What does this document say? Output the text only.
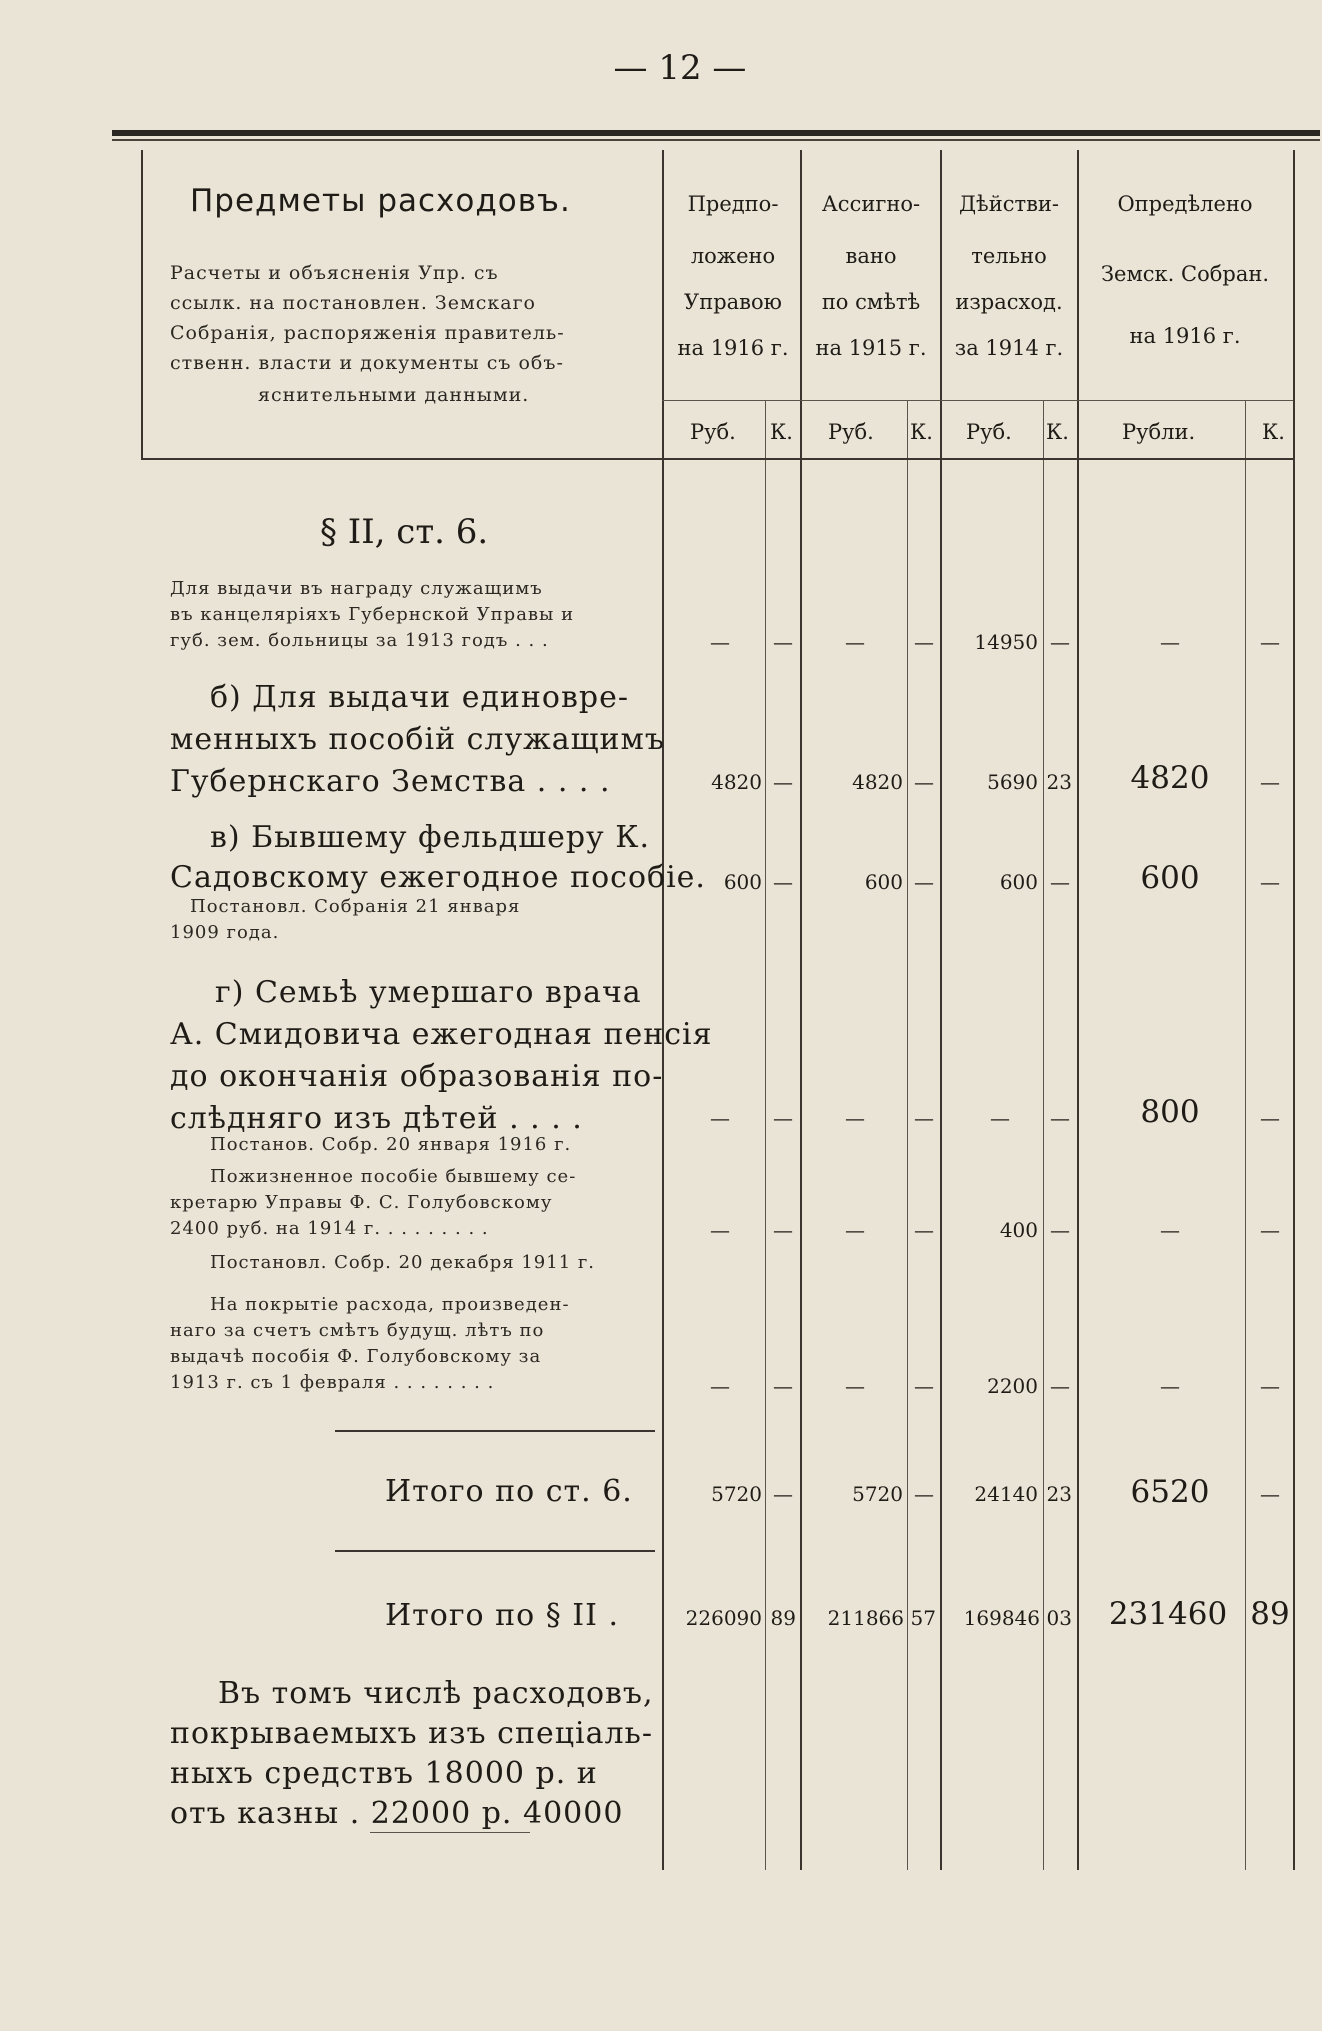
— 12 —
Предметы расходовъ.
Расчеты и объясненія Упр. съ
ссылк. на постановлен. Земскаго
Собранія, распоряженія правитель-
ственн. власти и документы съ объ-
яснительными данными.
Предпо-
ложено
Управою
на 1916 г.
Ассигно-
вано
по смѣтѣ
на 1915 г.
Дѣйстви-
тельно
израсход.
за 1914 г.
Опредѣлено
Земск. Собран.
на 1916 г.
Руб. К. Руб. К. Руб. К.	Рубли.	К.
§ II, ст. 6.
Для выдачи въ награду служащимъ
въ канцеляріяхъ Губернской Управы и
губ. зем. больницы за 1913 годъ . . .	—	—	—	—	14950 —	—	—
б) Для выдачи единовре-
менныхъ пособій служащимъ
Губернскаго Земства . . . .	4820 —	4820 —	5690 23	4820	—
в) Бывшему фельдшеру К.
Садовскому ежегодное пособіе.
Постановл. Собранія 21 января
1909 года.
600 —	600 —	600 —	600	—
г) Семьѣ умершаго врача
А. Смидовича ежегодная пенсія
до окончанія образованія по-
слѣдняго изъ дѣтей . . . .
Постанов. Собр. 20 января 1916 г.
—	—	—	—	—	—	800	—
Пожизненное пособіе бывшему се-
кретарю Управы Ф. С. Голубовскому
2400 руб. на 1914 г. . . . . . . . .
Постановл. Собр. 20 декабря 1911 г.
—	—	—	—	400 —	—	—
На покрытіе расхода, произведен-
наго за счетъ смѣтъ будущ. лѣтъ по
выдачѣ пособія Ф. Голубовскому за
1913 г. съ 1 февраля . . . . . . . .	—	—	—	—	2200 —	—	—
Итого по ст. 6.	5720 —	5720 —	24140 23	6520	—
Итого по § II .	226090 89	211866 57	169846 03	231460 89
Въ томъ числѣ расходовъ,
покрываемыхъ изъ спеціаль-
ныхъ средствъ 18000 р. и
отъ казны . 22000 р. 40000
